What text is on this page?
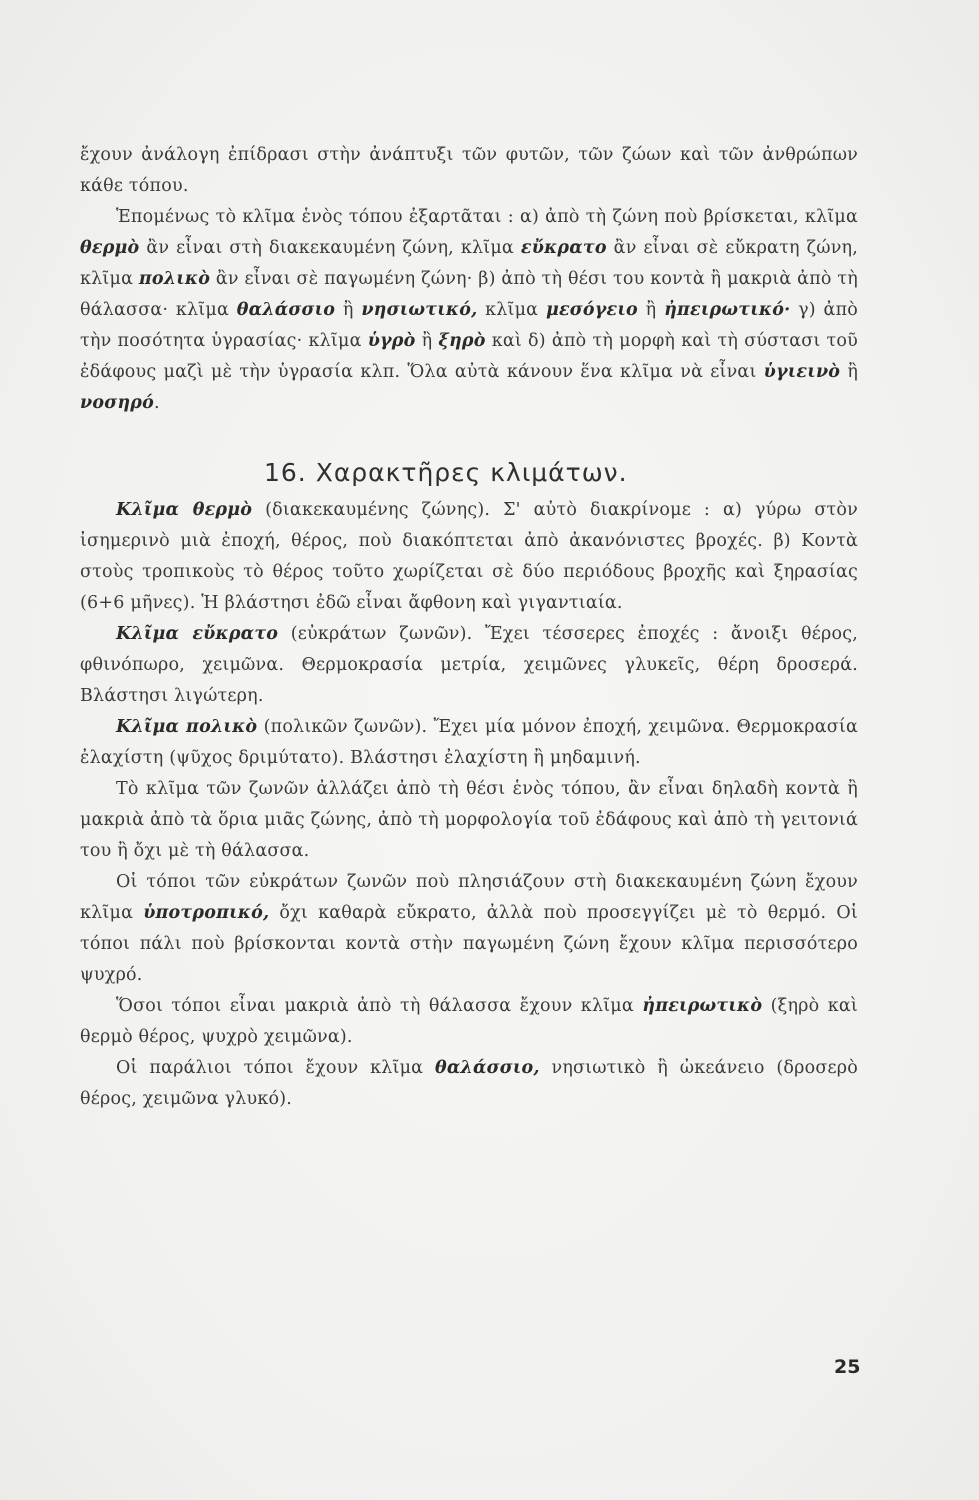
ἔχουν ἀνάλογη ἐπίδρασι στὴν ἀνάπτυξι τῶν φυτῶν, τῶν ζώων καὶ τῶν ἀνθρώπων κάθε τόπου.

Ἑπομένως τὸ κλῖμα ἑνὸς τόπου ἐξαρτᾶται : α) ἀπὸ τὴ ζώνη ποὺ βρίσκεται, κλῖμα θερμὸ ἂν εἶναι στὴ διακεκαυμένη ζώνη, κλῖμα εὔκρατο ἂν εἶναι σὲ εὔκρατη ζώνη, κλῖμα πολικὸ ἂν εἶναι σὲ παγωμένη ζώνη· β) ἀπὸ τὴ θέσι του κοντὰ ἢ μακριὰ ἀπὸ τὴ θάλασσα· κλῖμα θαλάσσιο ἢ νησιωτικό, κλῖμα μεσόγειο ἢ ἠπειρωτικό· γ) ἀπὸ τὴν ποσότητα ὑγρασίας· κλῖμα ὑγρὸ ἢ ξηρὸ καὶ δ) ἀπὸ τὴ μορφὴ καὶ τὴ σύστασι τοῦ ἐδάφους μαζὶ μὲ τὴν ὑγρασία κλπ. Ὅλα αὐτὰ κάνουν ἕνα κλῖμα νὰ εἶναι ὑγιεινὸ ἢ νοσηρό.

16. Χαρακτῆρες κλιμάτων.

Κλῖμα θερμὸ (διακεκαυμένης ζώνης). Σ' αὐτὸ διακρίνομε : α) γύρω στὸν ἰσημερινὸ μιὰ ἐποχή, θέρος, ποὺ διακόπτεται ἀπὸ ἀκανόνιστες βροχές. β) Κοντὰ στοὺς τροπικοὺς τὸ θέρος τοῦτο χωρίζεται σὲ δύο περιόδους βροχῆς καὶ ξηρασίας (6+6 μῆνες). Ἡ βλάστησι ἐδῶ εἶναι ἄφθονη καὶ γιγαντιαία.

Κλῖμα εὔκρατο (εὐκράτων ζωνῶν). Ἔχει τέσσερες ἐποχές : ἄνοιξι θέρος, φθινόπωρο, χειμῶνα. Θερμοκρασία μετρία, χειμῶνες γλυκεῖς, θέρη δροσερά. Βλάστησι λιγώτερη.

Κλῖμα πολικὸ (πολικῶν ζωνῶν). Ἔχει μία μόνον ἐποχή, χειμῶνα. Θερμοκρασία ἐλαχίστη (ψῦχος δριμύτατο). Βλάστησι ἐλαχίστη ἢ μηδαμινή.

Τὸ κλῖμα τῶν ζωνῶν ἀλλάζει ἀπὸ τὴ θέσι ἑνὸς τόπου, ἂν εἶναι δηλαδὴ κοντὰ ἢ μακριὰ ἀπὸ τὰ ὅρια μιᾶς ζώνης, ἀπὸ τὴ μορφολογία τοῦ ἐδάφους καὶ ἀπὸ τὴ γειτονιά του ἢ ὄχι μὲ τὴ θάλασσα.

Οἱ τόποι τῶν εὐκράτων ζωνῶν ποὺ πλησιάζουν στὴ διακεκαυμένη ζώνη ἔχουν κλῖμα ὑποτροπικό, ὄχι καθαρὰ εὔκρατο, ἀλλὰ ποὺ προσεγγίζει μὲ τὸ θερμό. Οἱ τόποι πάλι ποὺ βρίσκονται κοντὰ στὴν παγωμένη ζώνη ἔχουν κλῖμα περισσότερο ψυχρό.

Ὅσοι τόποι εἶναι μακριὰ ἀπὸ τὴ θάλασσα ἔχουν κλῖμα ἠπειρωτικὸ (ξηρὸ καὶ θερμὸ θέρος, ψυχρὸ χειμῶνα).

Οἱ παράλιοι τόποι ἔχουν κλῖμα θαλάσσιο, νησιωτικὸ ἢ ὠκεάνειο (δροσερὸ θέρος, χειμῶνα γλυκό).

25
